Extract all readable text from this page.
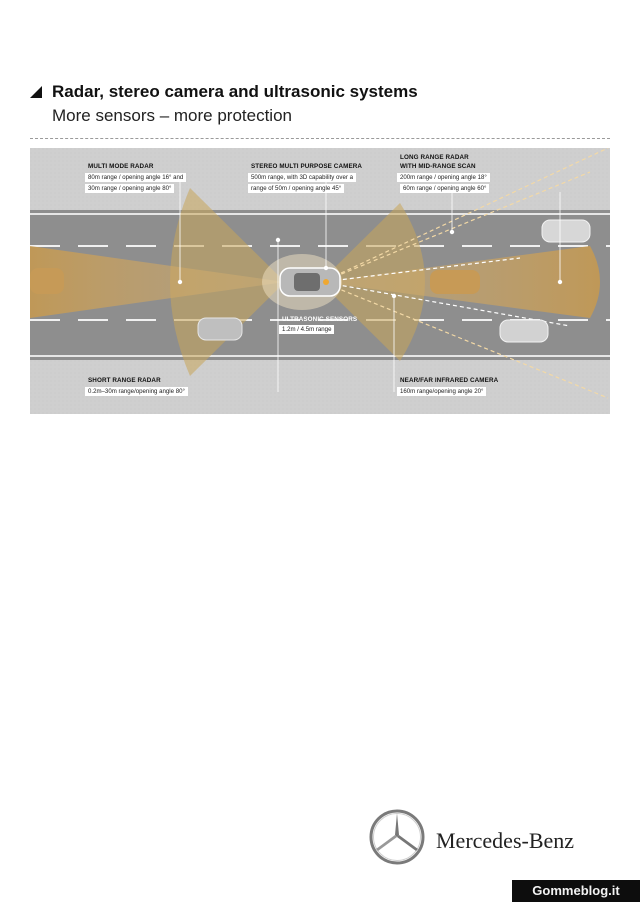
Radar, stereo camera and ultrasonic systems
More sensors – more protection
MULTI MODE RADAR
80m range / opening angle 16° and
30m range / opening angle 80°
STEREO MULTI PURPOSE CAMERA
500m range, with 3D capability over a
range of 50m / opening angle 45°
LONG RANGE RADAR
WITH MID-RANGE SCAN
200m range / opening angle 18°
60m range / opening angle 60°
ULTRASONIC SENSORS
1.2m / 4.5m range
SHORT RANGE RADAR
0.2m–30m range/opening angle 80°
NEAR/FAR INFRARED CAMERA
160m range/opening angle 20°
Mercedes-Benz
Gommeblog.it
